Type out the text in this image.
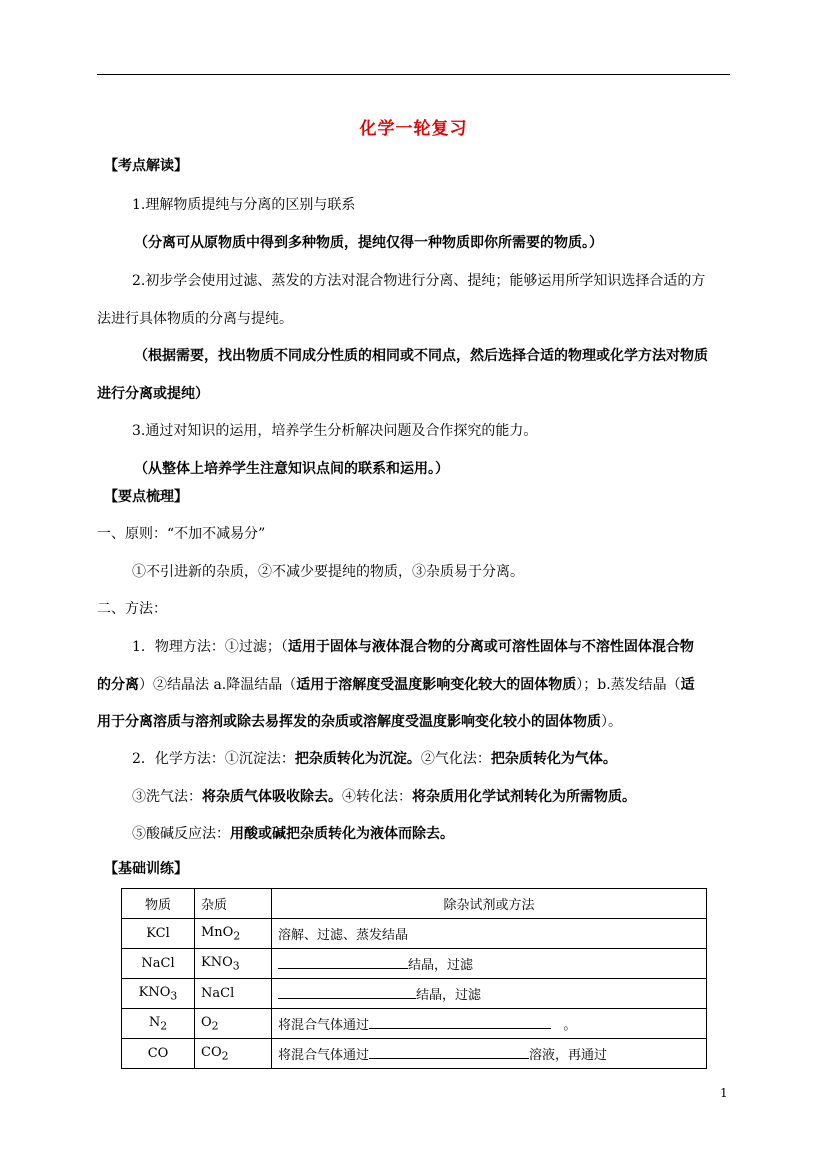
化学一轮复习
【考点解读】
1.理解物质提纯与分离的区别与联系
（分离可从原物质中得到多种物质，提纯仅得一种物质即你所需要的物质。）
2.初步学会使用过滤、蒸发的方法对混合物进行分离、提纯；能够运用所学知识选择合适的方
法进行具体物质的分离与提纯。
（根据需要，找出物质不同成分性质的相同或不同点，然后选择合适的物理或化学方法对物质
进行分离或提纯）
3.通过对知识的运用，培养学生分析解决问题及合作探究的能力。
（从整体上培养学生注意知识点间的联系和运用。）
【要点梳理】
一、原则：“不加不减易分”
①不引进新的杂质，②不减少要提纯的物质，③杂质易于分离。
二、方法：
1．物理方法：①过滤；（适用于固体与液体混合物的分离或可溶性固体与不溶性固体混合物
的分离）②结晶法 a.降温结晶（适用于溶解度受温度影响变化较大的固体物质）；b.蒸发结晶（适
用于分离溶质与溶剂或除去易挥发的杂质或溶解度受温度影响变化较小的固体物质）。
2．化学方法：①沉淀法：把杂质转化为沉淀。②气化法：把杂质转化为气体。
③洗气法：将杂质气体吸收除去。④转化法：将杂质用化学试剂转化为所需物质。
⑤酸碱反应法：用酸或碱把杂质转化为液体而除去。
【基础训练】
物质	杂质	除杂试剂或方法
KCl	MnO$_2$	溶解、过滤、蒸发结晶
NaCl	$KNO_3$	结晶，过滤
$KNO_3$	NaCl	结晶，过滤
$N_2$	$O_2$	将混合气体通过 。
CO	$CO_2$	将混合气体通过 溶液，再通过
1
